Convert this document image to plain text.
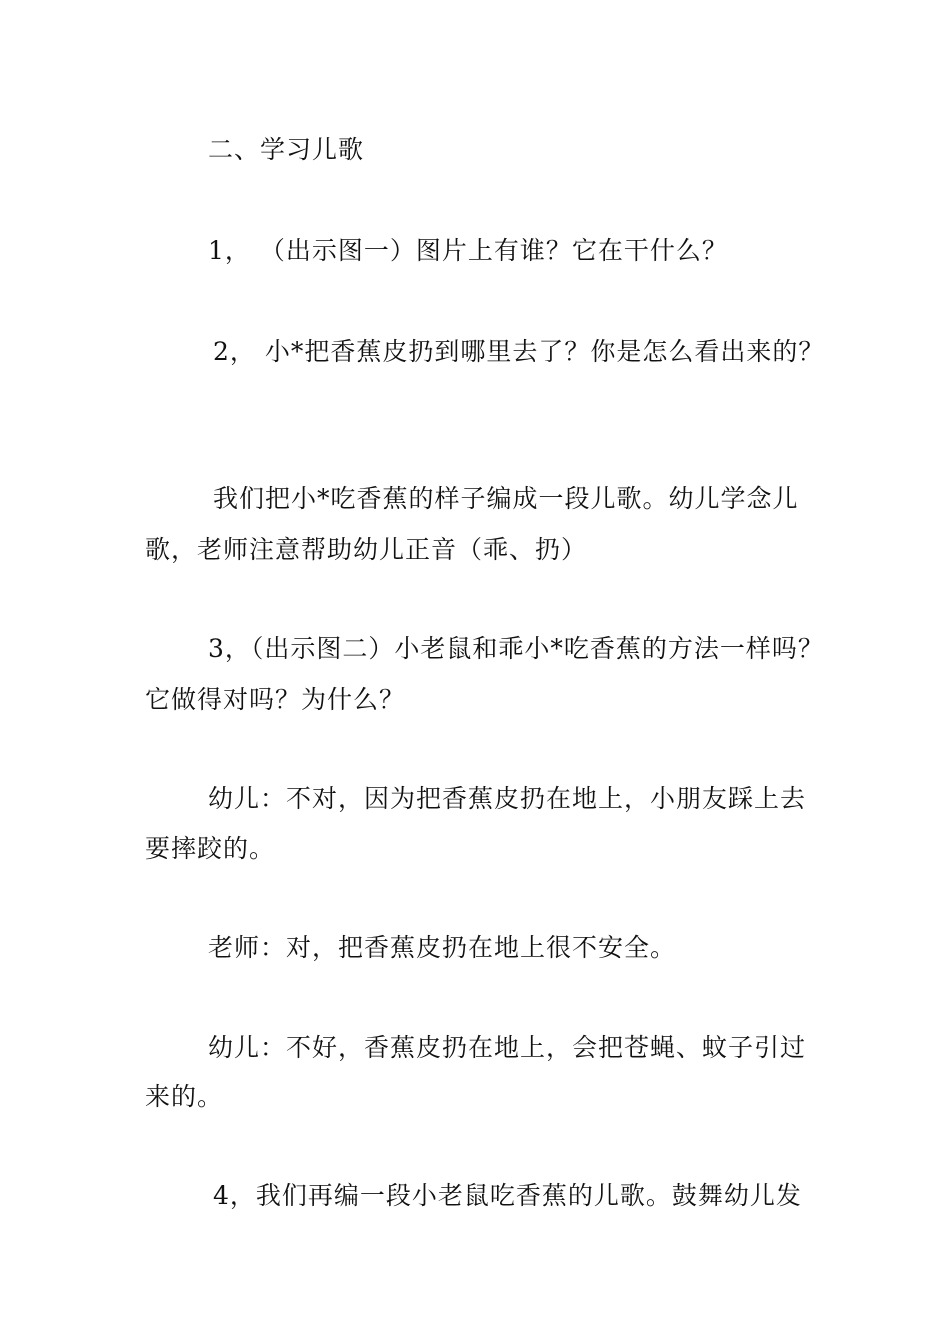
二、学习儿歌
1， （出示图一）图片上有谁？它在干什么？
2， 小*把香蕉皮扔到哪里去了？你是怎么看出来的？
我们把小*吃香蕉的样子编成一段儿歌。幼儿学念儿
歌，老师注意帮助幼儿正音（乖、扔）
3，（出示图二）小老鼠和乖小*吃香蕉的方法一样吗？
它做得对吗？为什么？
幼儿：不对，因为把香蕉皮扔在地上，小朋友踩上去
要摔跤的。
老师：对，把香蕉皮扔在地上很不安全。
幼儿：不好，香蕉皮扔在地上，会把苍蝇、蚊子引过
来的。
4，我们再编一段小老鼠吃香蕉的儿歌。鼓舞幼儿发
